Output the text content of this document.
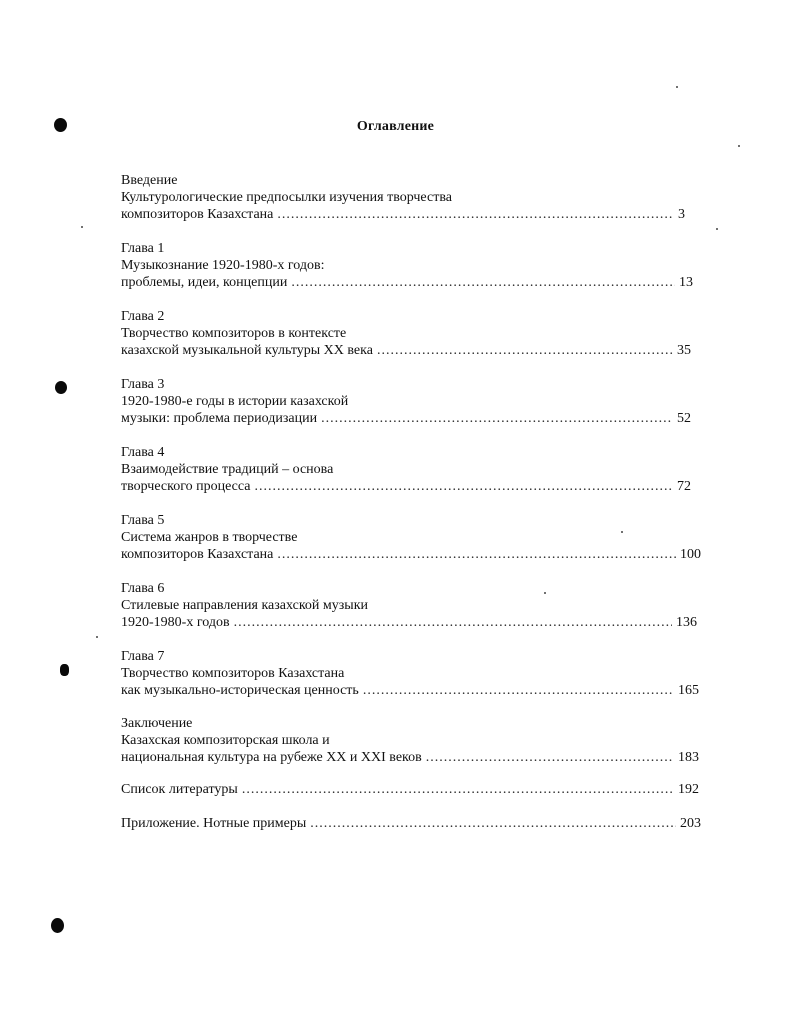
Оглавление
Введение
Культурологические предпосылки изучения творчества
композиторов Казахстана .....	3
Глава 1
Музыкознание 1920-1980-х годов:
проблемы, идеи, концепции .....	13
Глава 2
Творчество композиторов в контексте
казахской музыкальной культуры XX века .....	35
Глава 3
1920-1980-е годы в истории казахской
музыки: проблема периодизации .....	52
Глава 4
Взаимодействие традиций – основа
творческого процесса .....	72
Глава 5
Система жанров в творчестве
композиторов Казахстана .....	100
Глава 6
Стилевые направления казахской музыки
1920-1980-х годов .....	136
Глава 7
Творчество композиторов Казахстана
как музыкально-историческая ценность .....	165
Заключение
Казахская композиторская школа и
национальная культура на рубеже XX и XXI веков .....	183
Список литературы .....	192
Приложение. Нотные примеры .....	203
